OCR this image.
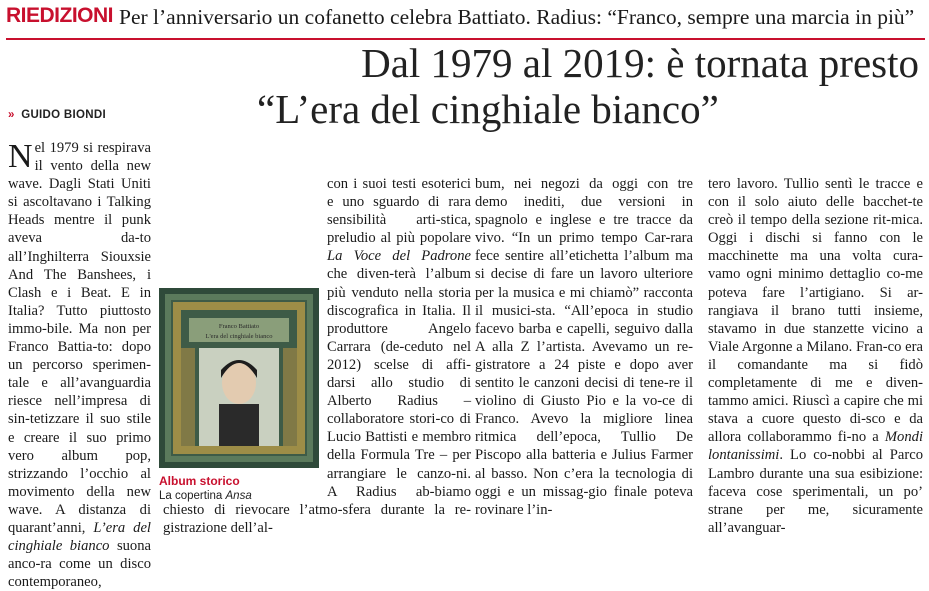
RIEDIZIONI Per l’anniversario un cofanetto celebra Battiato. Radius: “Franco, sempre una marcia in più”
Dal 1979 al 2019: è tornata presto
“L’era del cinghiale bianco”
» GUIDO BIONDI

Nel 1979 si respirava il vento della new wave. Dagli Stati Uniti si ascoltavano i Talking Heads mentre il punk aveva da-to all’Inghilterra Siouxsie And The Banshees, i Clash e i Beat. E in Italia? Tutto piuttosto immo-bile. Ma non per Franco Battia-to: dopo un percorso sperimen-tale e all’avanguardia riesce nell’impresa di sin-tetizzare il suo stile e creare il suo primo vero album pop, strizzando l’occhio al movimento della new wave. A distanza di quarant’anni, L’era del cinghiale bianco suona anco-ra come un disco contemporaneo,

con i suoi testi esoterici e uno sguardo di rara sensibilità arti-stica, preludio al più popolare La Voce del Padrone che diven-terà l’album più venduto nella storia discografica in Italia. Il produttore Angelo Carrara (de-ceduto nel 2012) scelse di affi-darsi allo studio di Alberto Radius – collaboratore stori-co di Lucio Battisti e membro della Formula Tre – per arrangiare le canzo-ni. A Radius ab-biamo chiesto di rievocare l’atmo-sfera durante la re-gistrazione dell’al-

bum, nei negozi da oggi con tre demo inediti, due versioni in spagnolo e inglese e tre tracce da vivo. “In un primo tempo Car-rara fece sentire all’etichetta l’album ma si decise di fare un lavoro ulteriore per la musica e mi chiamò” racconta il musici-sta. “All’epoca in studio facevo barba e capelli, seguivo dalla A alla Z l’artista. Avevamo un re-gistratore a 24 piste e dopo aver sentito le canzoni decisi di tene-re il violino di Giusto Pio e la vo-ce di Franco. Avevo la migliore linea ritmica dell’epoca, Tullio De Piscopo alla batteria e Julius Farmer al basso. Non c’era la tecnologia di oggi e un missag-gio finale poteva rovinare l’in-

tero lavoro. Tullio sentì le tracce e con il solo aiuto delle bacchet-te creò il tempo della sezione rit-mica. Oggi i dischi si fanno con le macchinette ma una volta cura-vamo ogni minimo dettaglio co-me poteva fare l’artigiano. Si ar-rangiava il brano tutti insieme, stavamo in due stanzette vicino a Viale Argonne a Milano. Fran-co era il comandante ma si fidò completamente di me e diven-tammo amici. Riuscì a capire che mi stava a cuore questo di-sco e da allora collaborammo fi-no a Mondi lontanissimi. Lo co-nobbi al Parco Lambro durante una sua esibizione: faceva cose sperimentali, un po’ strane per me, sicuramente all’avanguar-

Franco Battiato
L'era del cinghiale bianco
Album storico
La copertina Ansa
